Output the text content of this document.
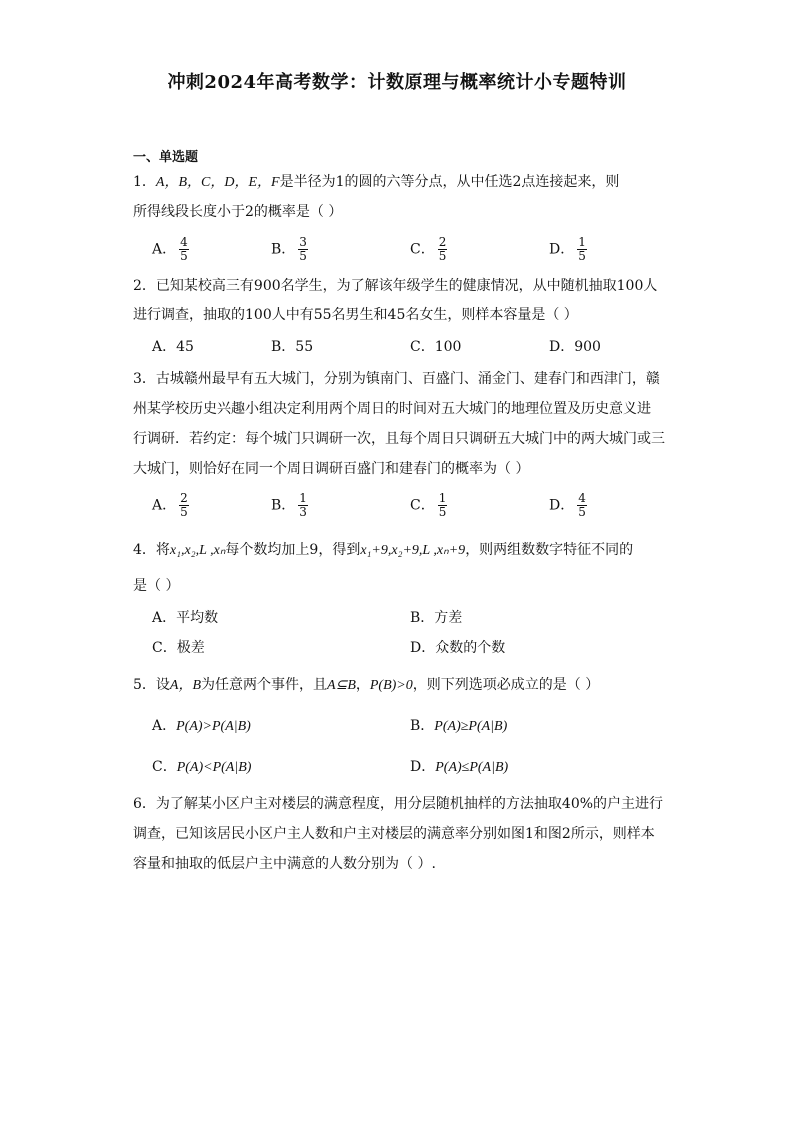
冲刺2024年高考数学：计数原理与概率统计小专题特训
一、单选题
1．A，B，C，D，E，F是半径为1的圆的六等分点，从中任选2点连接起来，则
所得线段长度小于2的概率是（ ）
A． $\frac{4}{5}$	B． $\frac{3}{5}$	C． $\frac{2}{5}$	D． $\frac{1}{5}$
2．已知某校高三有900名学生，为了解该年级学生的健康情况，从中随机抽取100人
进行调查，抽取的100人中有55名男生和45名女生，则样本容量是（ ）
A．45	B．55	C．100	D．900
3．古城赣州最早有五大城门，分别为镇南门、百盛门、涌金门、建春门和西津门，赣
州某学校历史兴趣小组决定利用两个周日的时间对五大城门的地理位置及历史意义进
行调研．若约定：每个城门只调研一次，且每个周日只调研五大城门中的两大城门或三
大城门，则恰好在同一个周日调研百盛门和建春门的概率为（ ）
A． $\frac{2}{5}$	B． $\frac{1}{3}$	C． $\frac{1}{5}$	D． $\frac{4}{5}$
4．将x₁,x₂,L ,xₙ每个数均加上9，得到x₁+9,x₂+9,L ,xₙ+9，则两组数数字特征不同的
是（ ）
A．平均数	B．方差
C．极差	D．众数的个数
5．设A，B为任意两个事件，且A⊆B，P(B)>0，则下列选项必成立的是（ ）
A．P(A)>P(A|B)	B．P(A)≥P(A|B)
C．P(A)<P(A|B)	D．P(A)≤P(A|B)
6．为了解某小区户主对楼层的满意程度，用分层随机抽样的方法抽取40%的户主进行
调查，已知该居民小区户主人数和户主对楼层的满意率分别如图1和图2所示，则样本
容量和抽取的低层户主中满意的人数分别为（ ）.
